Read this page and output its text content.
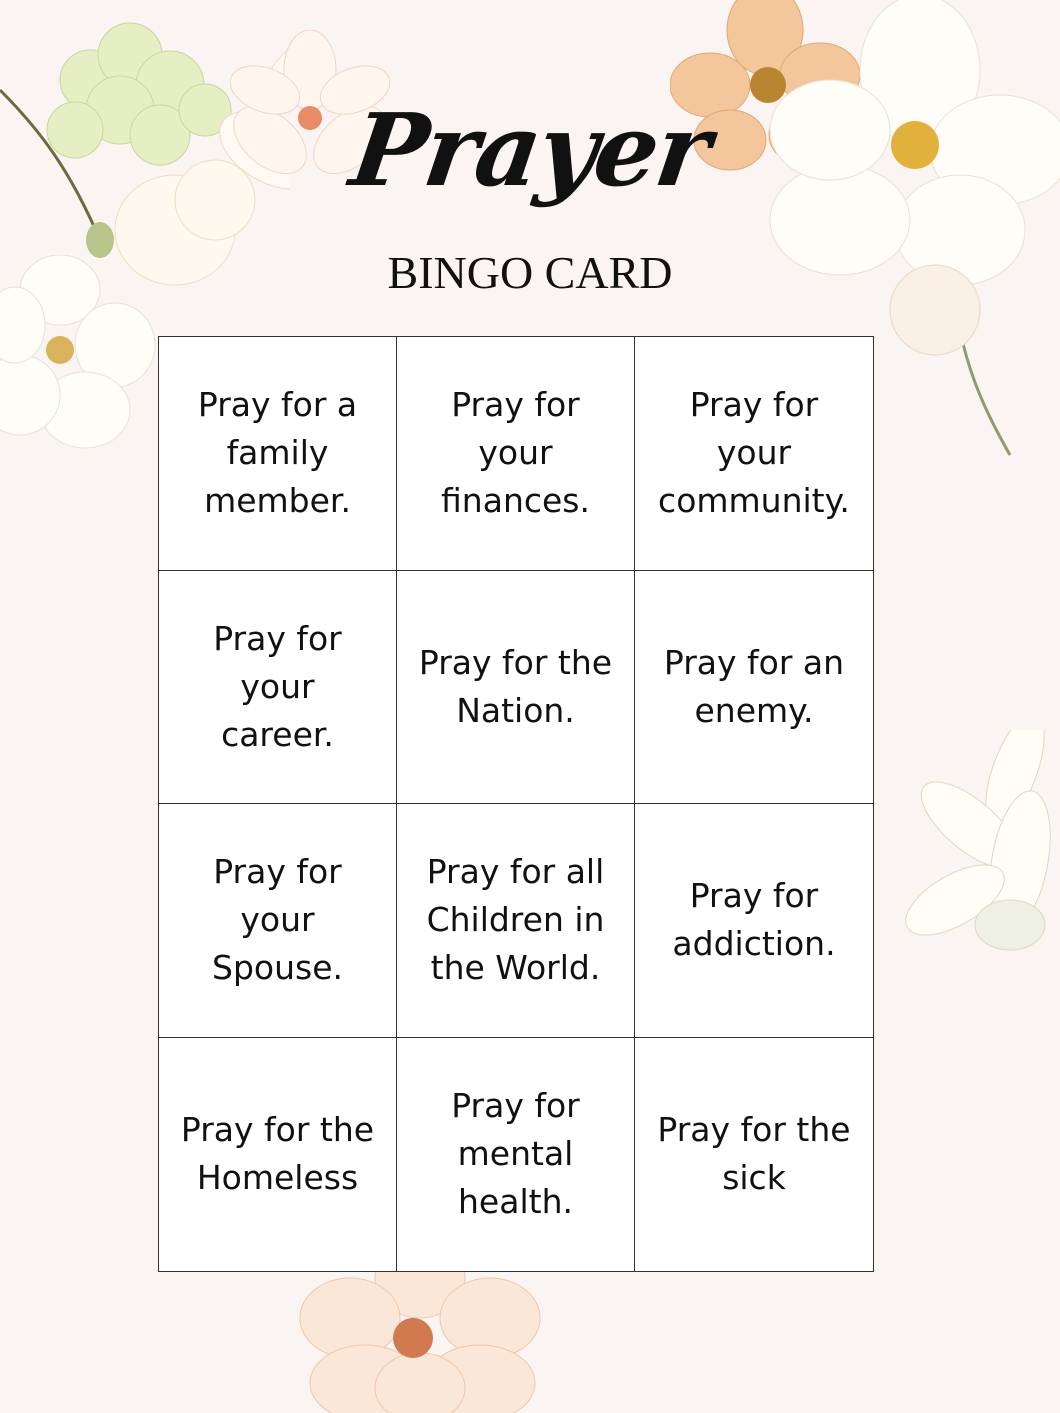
Prayer
BINGO CARD
Pray for a
family
member.
Pray for
your
finances.
Pray for
your
community.
Pray for
your
career.
Pray for the
Nation.
Pray for an
enemy.
Pray for
your
Spouse.
Pray for all
Children in
the World.
Pray for
addiction.
Pray for the
Homeless
Pray for
mental
health.
Pray for the
sick
